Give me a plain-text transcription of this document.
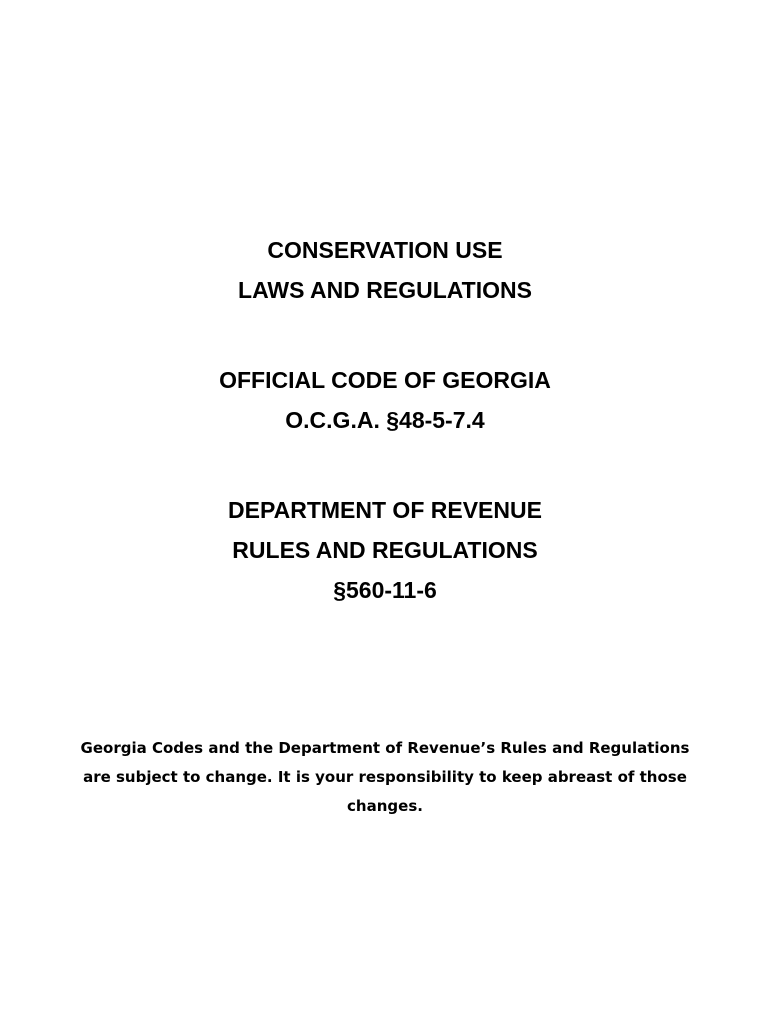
CONSERVATION USE
LAWS AND REGULATIONS
OFFICIAL CODE OF GEORGIA
O.C.G.A. §48-5-7.4
DEPARTMENT OF REVENUE
RULES AND REGULATIONS
§560-11-6
Georgia Codes and the Department of Revenue’s Rules and Regulations
are subject to change. It is your responsibility to keep abreast of those
changes.
